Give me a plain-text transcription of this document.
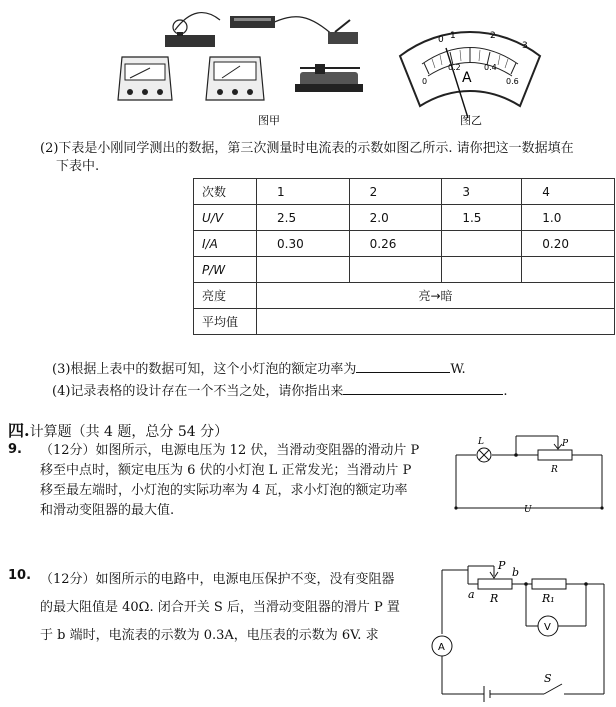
图甲
0 1	2
3
0
0.2	0.4
0.6
A
图乙
(2)下表是小刚同学测出的数据，第三次测量时电流表的示数如图乙所示. 请你把这一数据填在
下表中.
次数	1	2	3	4
U/V	2.5	2.0	1.5	1.0
I/A	0.30	0.26		0.20
P/W				
亮度	亮→暗			
平均值				
(3)根据上表中的数据可知，这个小灯泡的额定功率为	W.
(4)记录表格的设计存在一个不当之处，请你指出来	.
四.计算题（共 4 题，总分 54 分）
9. （12分）如图所示，电源电压为 12 伏，当滑动变阻器的滑动片 P
移至中点时，额定电压为 6 伏的小灯泡 L 正常发光；当滑动片 P
移至最左端时，小灯泡的实际功率为 4 瓦，求小灯泡的额定功率
和滑动变阻器的最大值.
L	P
R
U
10. （12分）如图所示的电路中，电源电压保护不变，没有变阻器
的最大阻值是 40Ω. 闭合开关 S 后，当滑动变阻器的滑片 P 置
于 b 端时，电流表的示数为 0.3A，电压表的示数为 6V. 求
P
a
b
R	R₁
V
A
S
